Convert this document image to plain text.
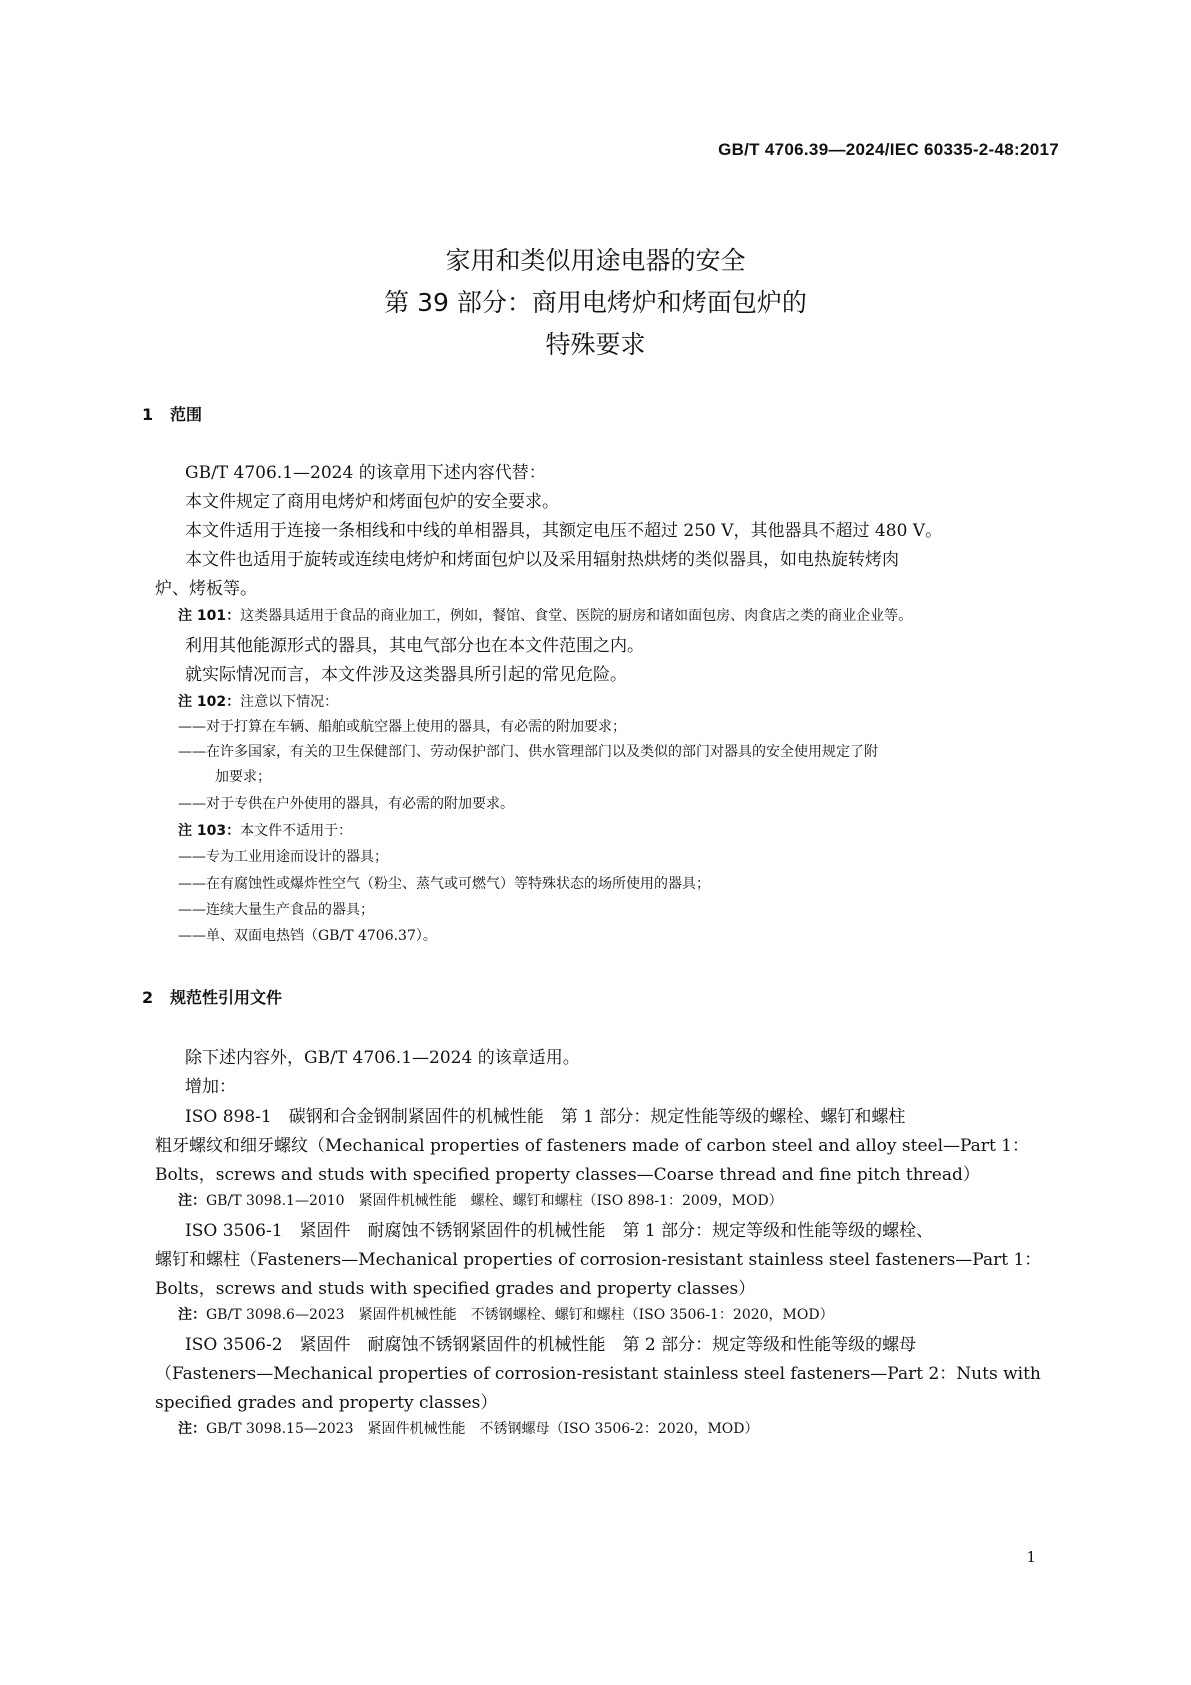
GB/T 4706.39—2024/IEC 60335-2-48:2017
家用和类似用途电器的安全
第 39 部分：商用电烤炉和烤面包炉的
特殊要求
1 范围
GB/T 4706.1—2024 的该章用下述内容代替：
本文件规定了商用电烤炉和烤面包炉的安全要求。
本文件适用于连接一条相线和中线的单相器具，其额定电压不超过 250 V，其他器具不超过 480 V。
本文件也适用于旋转或连续电烤炉和烤面包炉以及采用辐射热烘烤的类似器具，如电热旋转烤肉
炉、烤板等。
注 101：这类器具适用于食品的商业加工，例如，餐馆、食堂、医院的厨房和诸如面包房、肉食店之类的商业企业等。
利用其他能源形式的器具，其电气部分也在本文件范围之内。
就实际情况而言，本文件涉及这类器具所引起的常见危险。
注 102：注意以下情况：
——对于打算在车辆、船舶或航空器上使用的器具，有必需的附加要求；
——在许多国家，有关的卫生保健部门、劳动保护部门、供水管理部门以及类似的部门对器具的安全使用规定了附
加要求；
——对于专供在户外使用的器具，有必需的附加要求。
注 103：本文件不适用于：
——专为工业用途而设计的器具；
——在有腐蚀性或爆炸性空气（粉尘、蒸气或可燃气）等特殊状态的场所使用的器具；
——连续大量生产食品的器具；
——单、双面电热铛（GB/T 4706.37）。
2 规范性引用文件
除下述内容外，GB/T 4706.1—2024 的该章适用。
增加：
ISO 898-1　碳钢和合金钢制紧固件的机械性能　第 1 部分：规定性能等级的螺栓、螺钉和螺柱
粗牙螺纹和细牙螺纹（Mechanical properties of fasteners made of carbon steel and alloy steel—Part 1：
Bolts，screws and studs with specified property classes—Coarse thread and fine pitch thread）
注：GB/T 3098.1—2010　紧固件机械性能　螺栓、螺钉和螺柱（ISO 898-1：2009，MOD）
ISO 3506-1　紧固件　耐腐蚀不锈钢紧固件的机械性能　第 1 部分：规定等级和性能等级的螺栓、
螺钉和螺柱（Fasteners—Mechanical properties of corrosion-resistant stainless steel fasteners—Part 1：
Bolts，screws and studs with specified grades and property classes）
注：GB/T 3098.6—2023　紧固件机械性能　不锈钢螺栓、螺钉和螺柱（ISO 3506-1：2020，MOD）
ISO 3506-2　紧固件　耐腐蚀不锈钢紧固件的机械性能　第 2 部分：规定等级和性能等级的螺母
（Fasteners—Mechanical properties of corrosion-resistant stainless steel fasteners—Part 2：Nuts with
specified grades and property classes）
注：GB/T 3098.15—2023　紧固件机械性能　不锈钢螺母（ISO 3506-2：2020，MOD）
1
